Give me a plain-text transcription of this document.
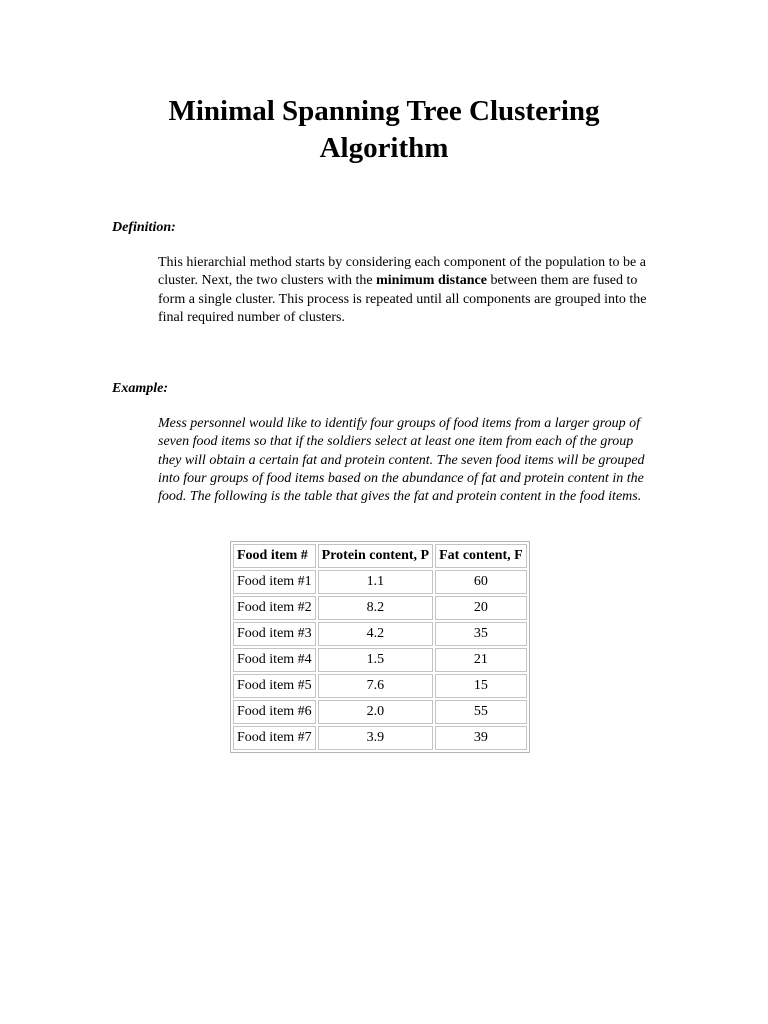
Minimal Spanning Tree Clustering
Algorithm
Definition:
This hierarchial method starts by considering each component of the population to be a cluster. Next, the two clusters with the minimum distance between them are fused to form a single cluster. This process is repeated until all components are grouped into the final required number of clusters.
Example:
Mess personnel would like to identify four groups of food items from a larger group of seven food items so that if the soldiers select at least one item from each of the group they will obtain a certain fat and protein content. The seven food items will be grouped into four groups of food items based on the abundance of fat and protein content in the food. The following is the table that gives the fat and protein content in the food items.
Food item #	Protein content, P	Fat content, F
Food item #1	1.1	60
Food item #2	8.2	20
Food item #3	4.2	35
Food item #4	1.5	21
Food item #5	7.6	15
Food item #6	2.0	55
Food item #7	3.9	39
